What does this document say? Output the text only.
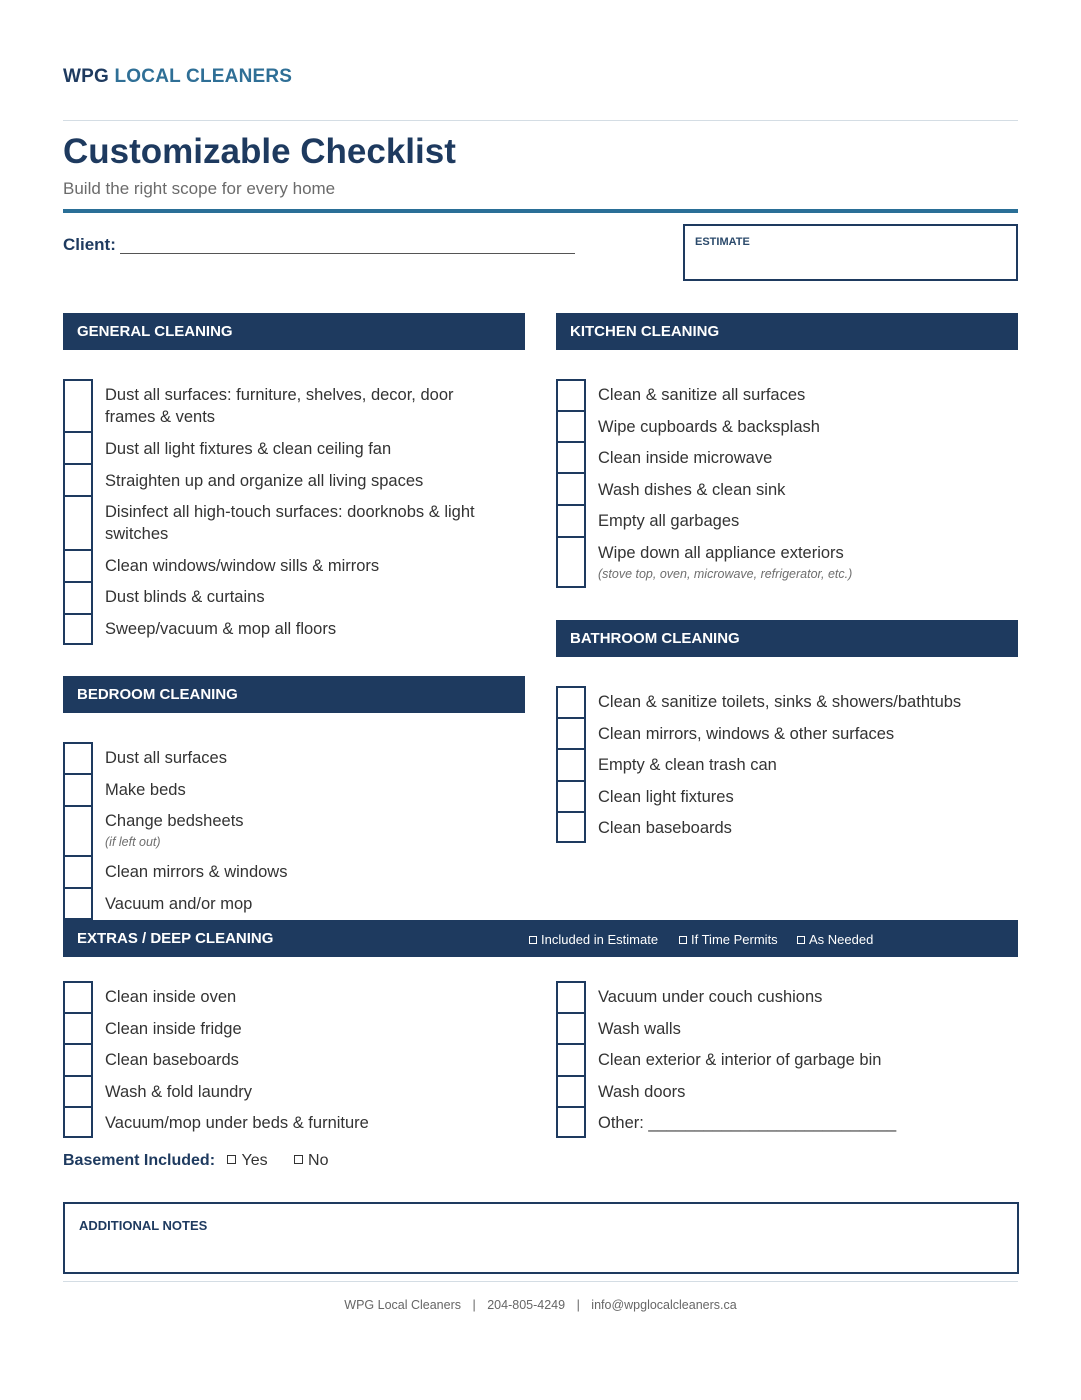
WPG LOCAL CLEANERS
Customizable Checklist
Build the right scope for every home
Client:	ESTIMATE
GENERAL CLEANING
Dust all surfaces: furniture, shelves, decor, door frames & vents
Dust all light fixtures & clean ceiling fan
Straighten up and organize all living spaces
Disinfect all high-touch surfaces: doorknobs & light switches
Clean windows/window sills & mirrors
Dust blinds & curtains
Sweep/vacuum & mop all floors
KITCHEN CLEANING
Clean & sanitize all surfaces
Wipe cupboards & backsplash
Clean inside microwave
Wash dishes & clean sink
Empty all garbages
Wipe down all appliance exteriors
(stove top, oven, microwave, refrigerator, etc.)
BATHROOM CLEANING
Clean & sanitize toilets, sinks & showers/bathtubs
Clean mirrors, windows & other surfaces
Empty & clean trash can
Clean light fixtures
Clean baseboards
BEDROOM CLEANING
Dust all surfaces
Make beds
Change bedsheets
(if left out)
Clean mirrors & windows
Vacuum and/or mop
EXTRAS / DEEP CLEANING	Included in Estimate	If Time Permits	As Needed
Clean inside oven
Clean inside fridge
Clean baseboards
Wash & fold laundry
Vacuum/mop under beds & furniture
Vacuum under couch cushions
Wash walls
Clean exterior & interior of garbage bin
Wash doors
Other: ___________________________
Basement Included: Yes	No
ADDITIONAL NOTES
WPG Local Cleaners | 204-805-4249 | info@wpglocalcleaners.ca
